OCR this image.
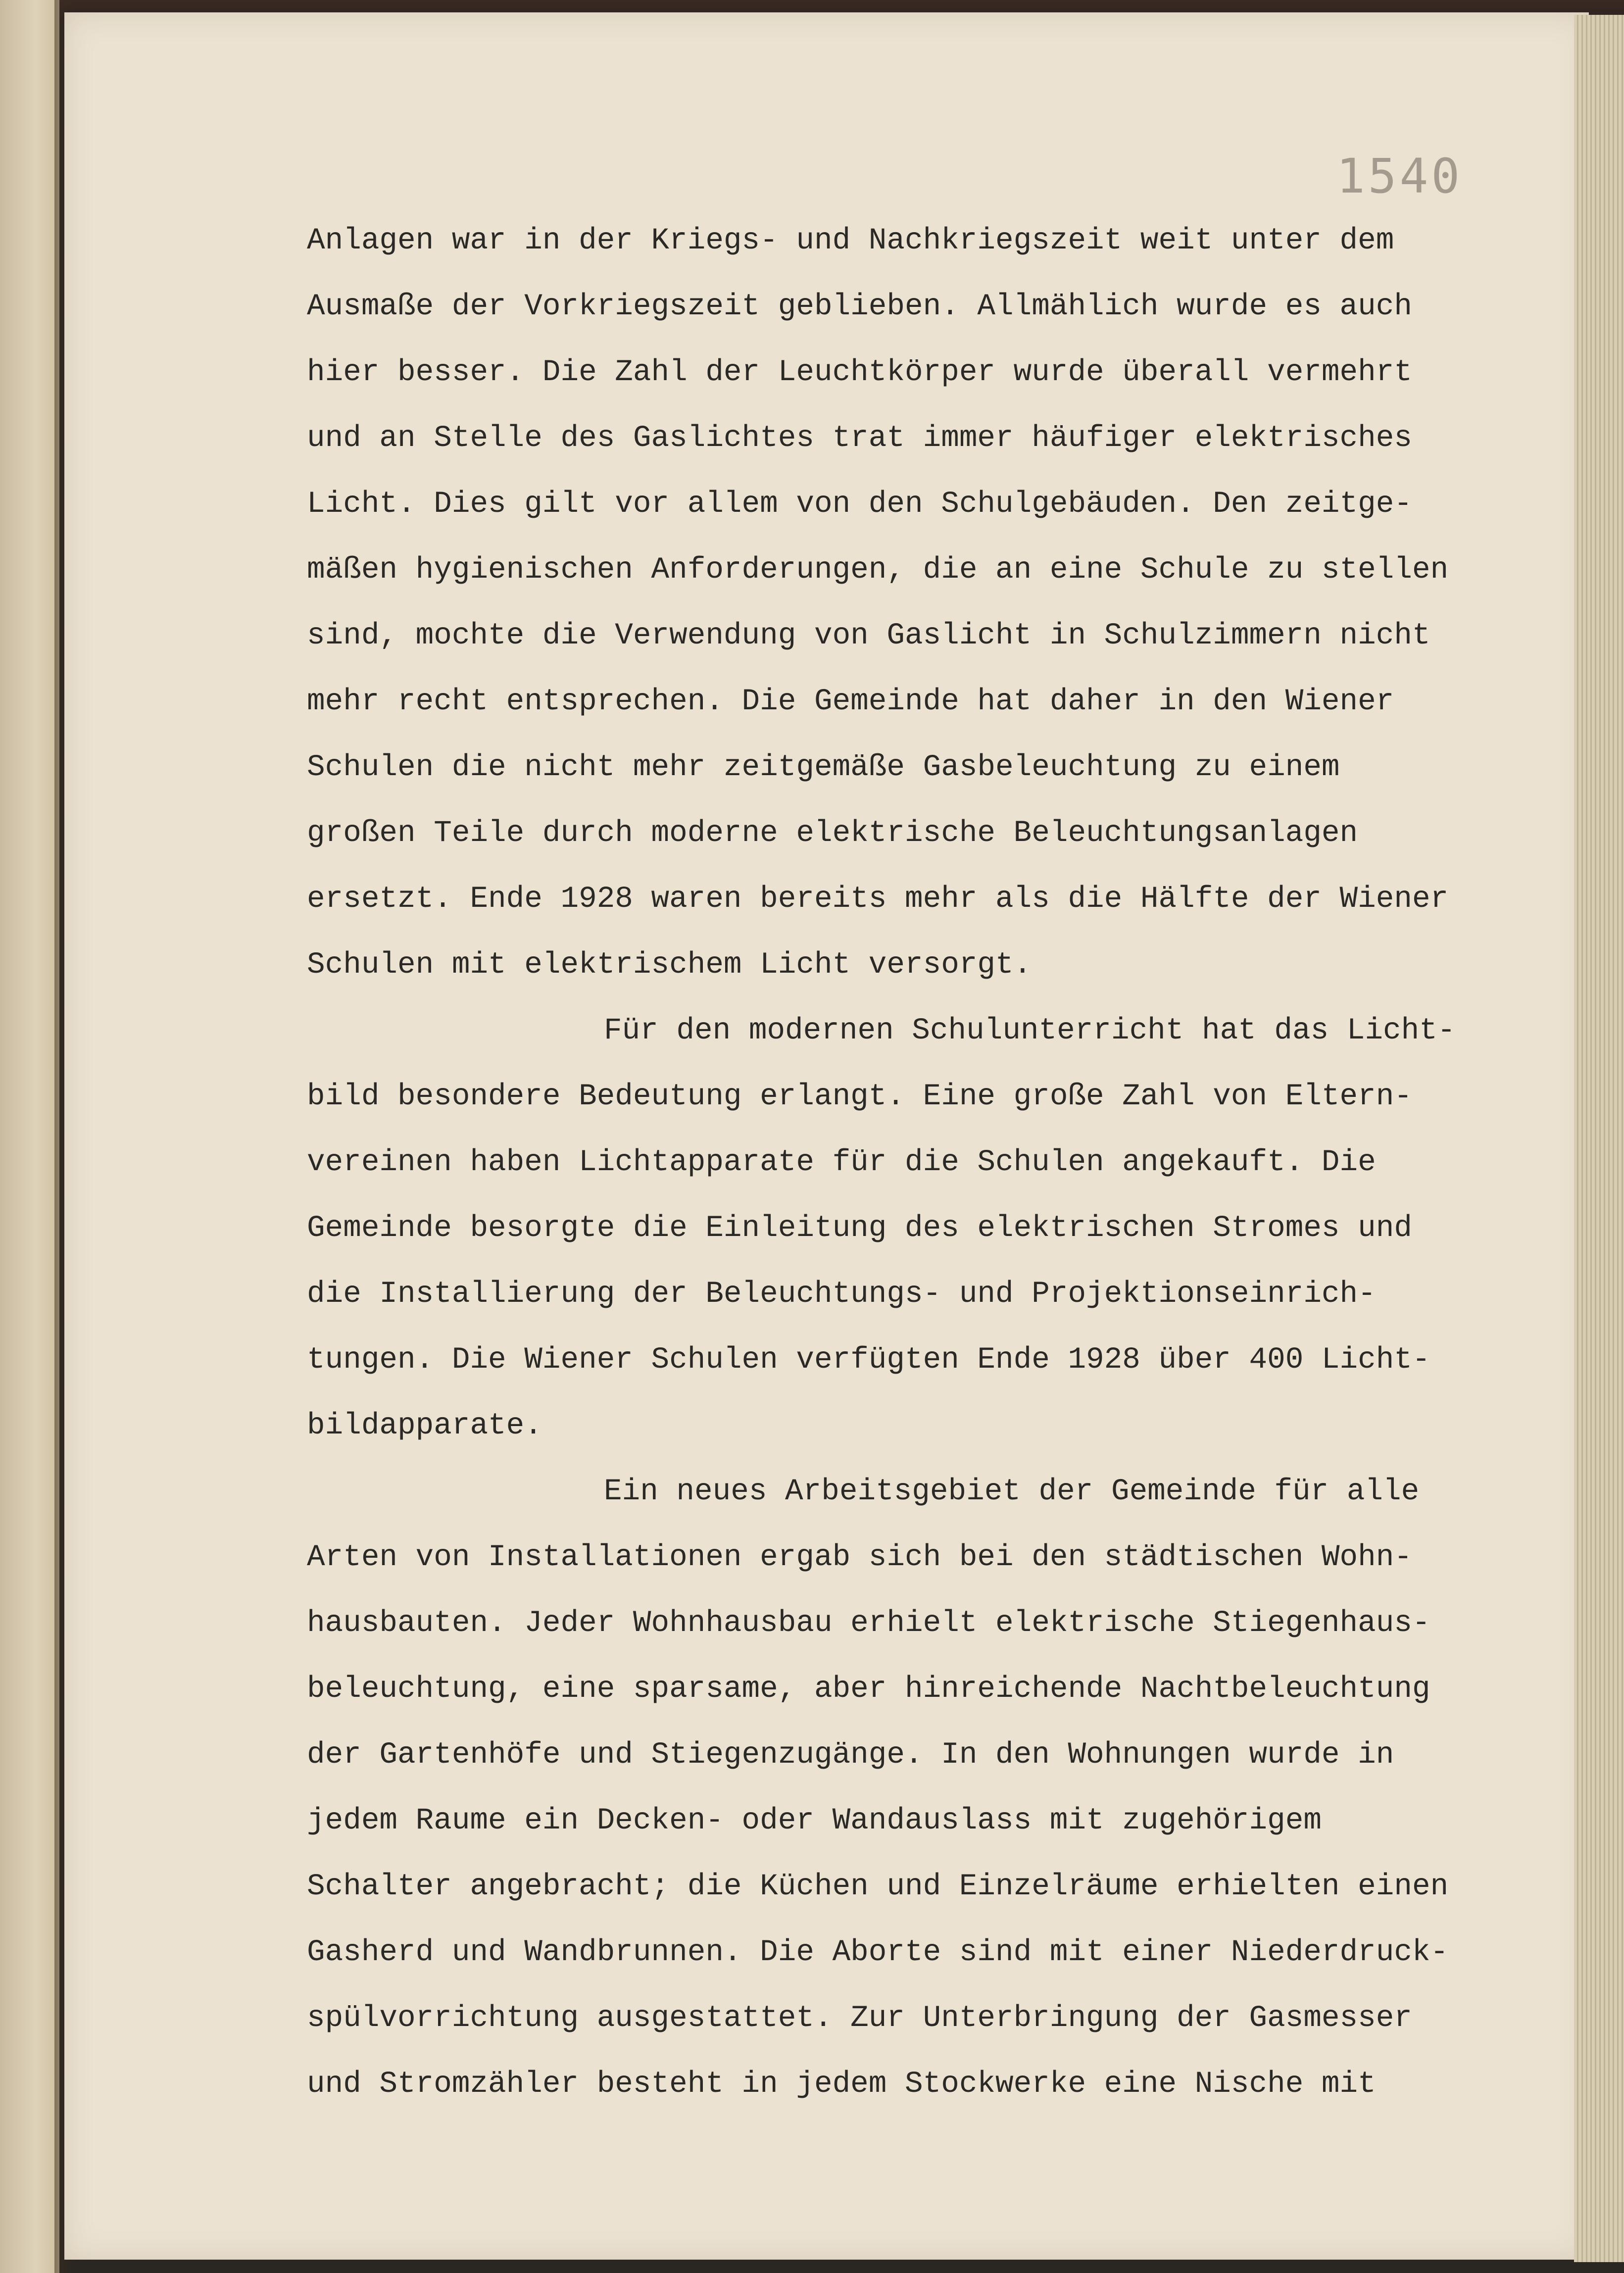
1540

Anlagen war in der Kriegs- und Nachkriegszeit weit unter dem

Ausmaße der Vorkriegszeit geblieben. Allmählich wurde es auch

hier besser. Die Zahl der Leuchtkörper wurde überall vermehrt

und an Stelle des Gaslichtes trat immer häufiger elektrisches

Licht. Dies gilt vor allem von den Schulgebäuden. Den zeitge-

mäßen hygienischen Anforderungen, die an eine Schule zu stellen

sind, mochte die Verwendung von Gaslicht in Schulzimmern nicht

mehr recht entsprechen. Die Gemeinde hat daher in den Wiener

Schulen die nicht mehr zeitgemäße Gasbeleuchtung zu einem

großen Teile durch moderne elektrische Beleuchtungsanlagen

ersetzt. Ende 1928 waren bereits mehr als die Hälfte der Wiener

Schulen mit elektrischem Licht versorgt.

Für den modernen Schulunterricht hat das Licht-

bild besondere Bedeutung erlangt. Eine große Zahl von Eltern-

vereinen haben Lichtapparate für die Schulen angekauft. Die

Gemeinde besorgte die Einleitung des elektrischen Stromes und

die Installierung der Beleuchtungs- und Projektionseinrich-

tungen. Die Wiener Schulen verfügten Ende 1928 über 400 Licht-

bildapparate.

Ein neues Arbeitsgebiet der Gemeinde für alle

Arten von Installationen ergab sich bei den städtischen Wohn-

hausbauten. Jeder Wohnhausbau erhielt elektrische Stiegenhaus-

beleuchtung, eine sparsame, aber hinreichende Nachtbeleuchtung

der Gartenhöfe und Stiegenzugänge. In den Wohnungen wurde in

jedem Raume ein Decken- oder Wandauslass mit zugehörigem

Schalter angebracht; die Küchen und Einzelräume erhielten einen

Gasherd und Wandbrunnen. Die Aborte sind mit einer Niederdruck-

spülvorrichtung ausgestattet. Zur Unterbringung der Gasmesser

und Stromzähler besteht in jedem Stockwerke eine Nische mit
